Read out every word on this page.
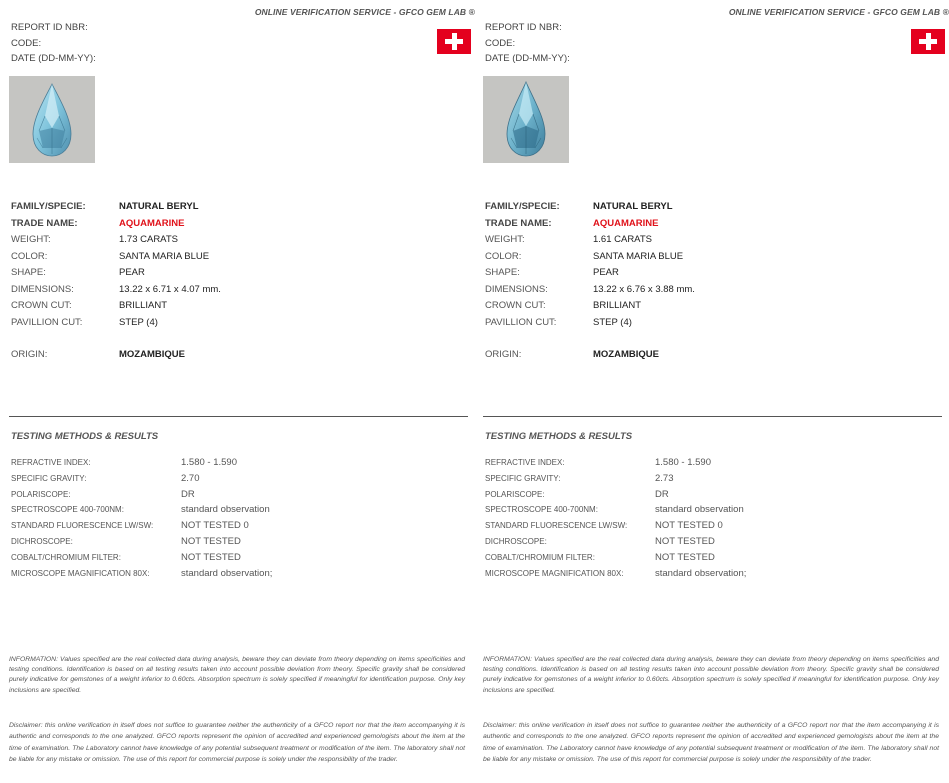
ONLINE VERIFICATION SERVICE - GFCO GEM LAB ®
REPORT ID NBR:
CODE:
DATE (DD-MM-YY):
FAMILY/SPECIE:	NATURAL BERYL
TRADE NAME:	AQUAMARINE
WEIGHT:	1.73 CARATS
COLOR:	SANTA MARIA BLUE
SHAPE:	PEAR
DIMENSIONS:	13.22 x 6.71 x 4.07 mm.
CROWN CUT:	BRILLIANT
PAVILLION CUT:	STEP (4)
ORIGIN:	MOZAMBIQUE
TESTING METHODS & RESULTS
REFRACTIVE INDEX:	1.580 - 1.590
SPECIFIC GRAVITY:	2.70
POLARISCOPE:	DR
SPECTROSCOPE 400-700NM:	standard observation
STANDARD FLUORESCENCE LW/SW:	NOT TESTED 0
DICHROSCOPE:	NOT TESTED
COBALT/CHROMIUM FILTER:	NOT TESTED
MICROSCOPE MAGNIFICATION 80X:	standard observation;
INFORMATION: Values specified are the real collected data during analysis, beware they can deviate from theory depending on items specificities and testing conditions. Identification is based on all testing results taken into account possible deviation from theory. Specific gravity shall be considered purely indicative for gemstones of a weight inferior to 0.60cts. Absorption spectrum is solely specified if meaningful for identification purpose. Only key inclusions are specified.
Disclaimer: this online verification in itself does not suffice to guarantee neither the authenticity of a GFCO report nor that the item accompanying it is authentic and corresponds to the one analyzed. GFCO reports represent the opinion of accredited and experienced gemologists about the item at the time of examination. The Laboratory cannot have knowledge of any potential subsequent treatment or modification of the item. The laboratory shall not be liable for any mistake or omission. The use of this report for commercial purpose is solely under the responsibility of the trader.
ONLINE VERIFICATION SERVICE - GFCO GEM LAB ®
REPORT ID NBR:
CODE:
DATE (DD-MM-YY):
FAMILY/SPECIE:	NATURAL BERYL
TRADE NAME:	AQUAMARINE
WEIGHT:	1.61 CARATS
COLOR:	SANTA MARIA BLUE
SHAPE:	PEAR
DIMENSIONS:	13.22 x 6.76 x 3.88 mm.
CROWN CUT:	BRILLIANT
PAVILLION CUT:	STEP (4)
ORIGIN:	MOZAMBIQUE
TESTING METHODS & RESULTS
REFRACTIVE INDEX:	1.580 - 1.590
SPECIFIC GRAVITY:	2.73
POLARISCOPE:	DR
SPECTROSCOPE 400-700NM:	standard observation
STANDARD FLUORESCENCE LW/SW:	NOT TESTED 0
DICHROSCOPE:	NOT TESTED
COBALT/CHROMIUM FILTER:	NOT TESTED
MICROSCOPE MAGNIFICATION 80X:	standard observation;
INFORMATION: Values specified are the real collected data during analysis, beware they can deviate from theory depending on items specificities and testing conditions. Identification is based on all testing results taken into account possible deviation from theory. Specific gravity shall be considered purely indicative for gemstones of a weight inferior to 0.60cts. Absorption spectrum is solely specified if meaningful for identification purpose. Only key inclusions are specified.
Disclaimer: this online verification in itself does not suffice to guarantee neither the authenticity of a GFCO report nor that the item accompanying it is authentic and corresponds to the one analyzed. GFCO reports represent the opinion of accredited and experienced gemologists about the item at the time of examination. The Laboratory cannot have knowledge of any potential subsequent treatment or modification of the item. The laboratory shall not be liable for any mistake or omission. The use of this report for commercial purpose is solely under the responsibility of the trader.
